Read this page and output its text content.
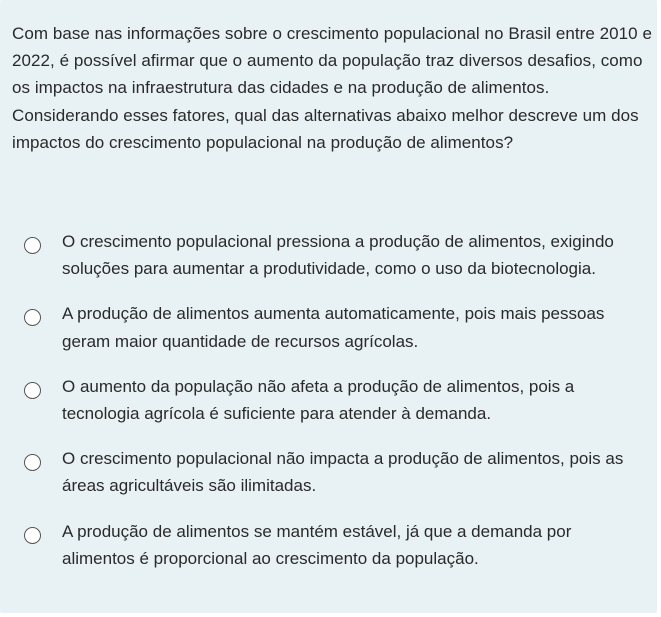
Com base nas informações sobre o crescimento populacional no Brasil entre 2010 e 2022, é possível afirmar que o aumento da população traz diversos desafios, como os impactos na infraestrutura das cidades e na produção de alimentos. Considerando esses fatores, qual das alternativas abaixo melhor descreve um dos impactos do crescimento populacional na produção de alimentos?

O crescimento populacional pressiona a produção de alimentos, exigindo soluções para aumentar a produtividade, como o uso da biotecnologia.
A produção de alimentos aumenta automaticamente, pois mais pessoas geram maior quantidade de recursos agrícolas.
O aumento da população não afeta a produção de alimentos, pois a tecnologia agrícola é suficiente para atender à demanda.
O crescimento populacional não impacta a produção de alimentos, pois as áreas agricultáveis são ilimitadas.
A produção de alimentos se mantém estável, já que a demanda por alimentos é proporcional ao crescimento da população.
